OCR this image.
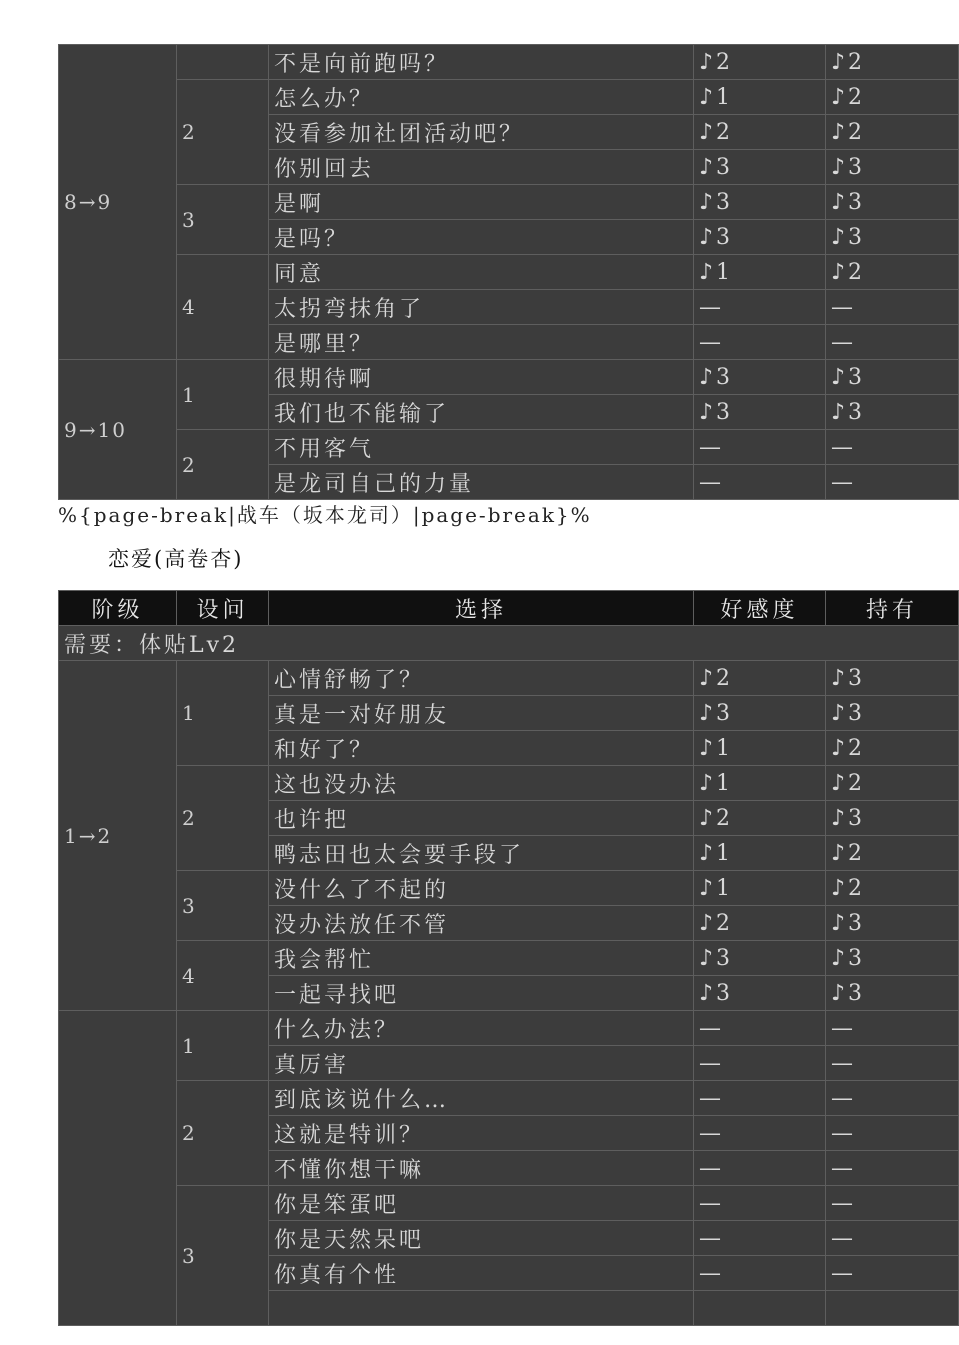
8→9		不是向前跑吗？	♪2	♪2
	2	怎么办？	♪1	♪2
		没看参加社团活动吧？	♪2	♪2
		你别回去	♪3	♪3
	3	是啊	♪3	♪3
		是吗？	♪3	♪3
	4	同意	♪1	♪2
		太拐弯抹角了	—	—
		是哪里？	—	—
9→10	1	很期待啊	♪3	♪3
		我们也不能输了	♪3	♪3
	2	不用客气	—	—
		是龙司自己的力量	—	—
%{page-break|战车（坂本龙司）|page-break}%
恋爱(高卷杏)
阶级	设问	选择	好感度	持有
需要：体贴Lv2				
1→2	1	心情舒畅了？	♪2	♪3
		真是一对好朋友	♪3	♪3
		和好了？	♪1	♪2
	2	这也没办法	♪1	♪2
		也许把	♪2	♪3
		鸭志田也太会要手段了	♪1	♪2
	3	没什么了不起的	♪1	♪2
		没办法放任不管	♪2	♪3
	4	我会帮忙	♪3	♪3
		一起寻找吧	♪3	♪3
	1	什么办法？	—	—
		真厉害	—	—
	2	到底该说什么…	—	—
		这就是特训？	—	—
		不懂你想干嘛	—	—
	3	你是笨蛋吧	—	—
		你是天然呆吧	—	—
		你真有个性	—	—
